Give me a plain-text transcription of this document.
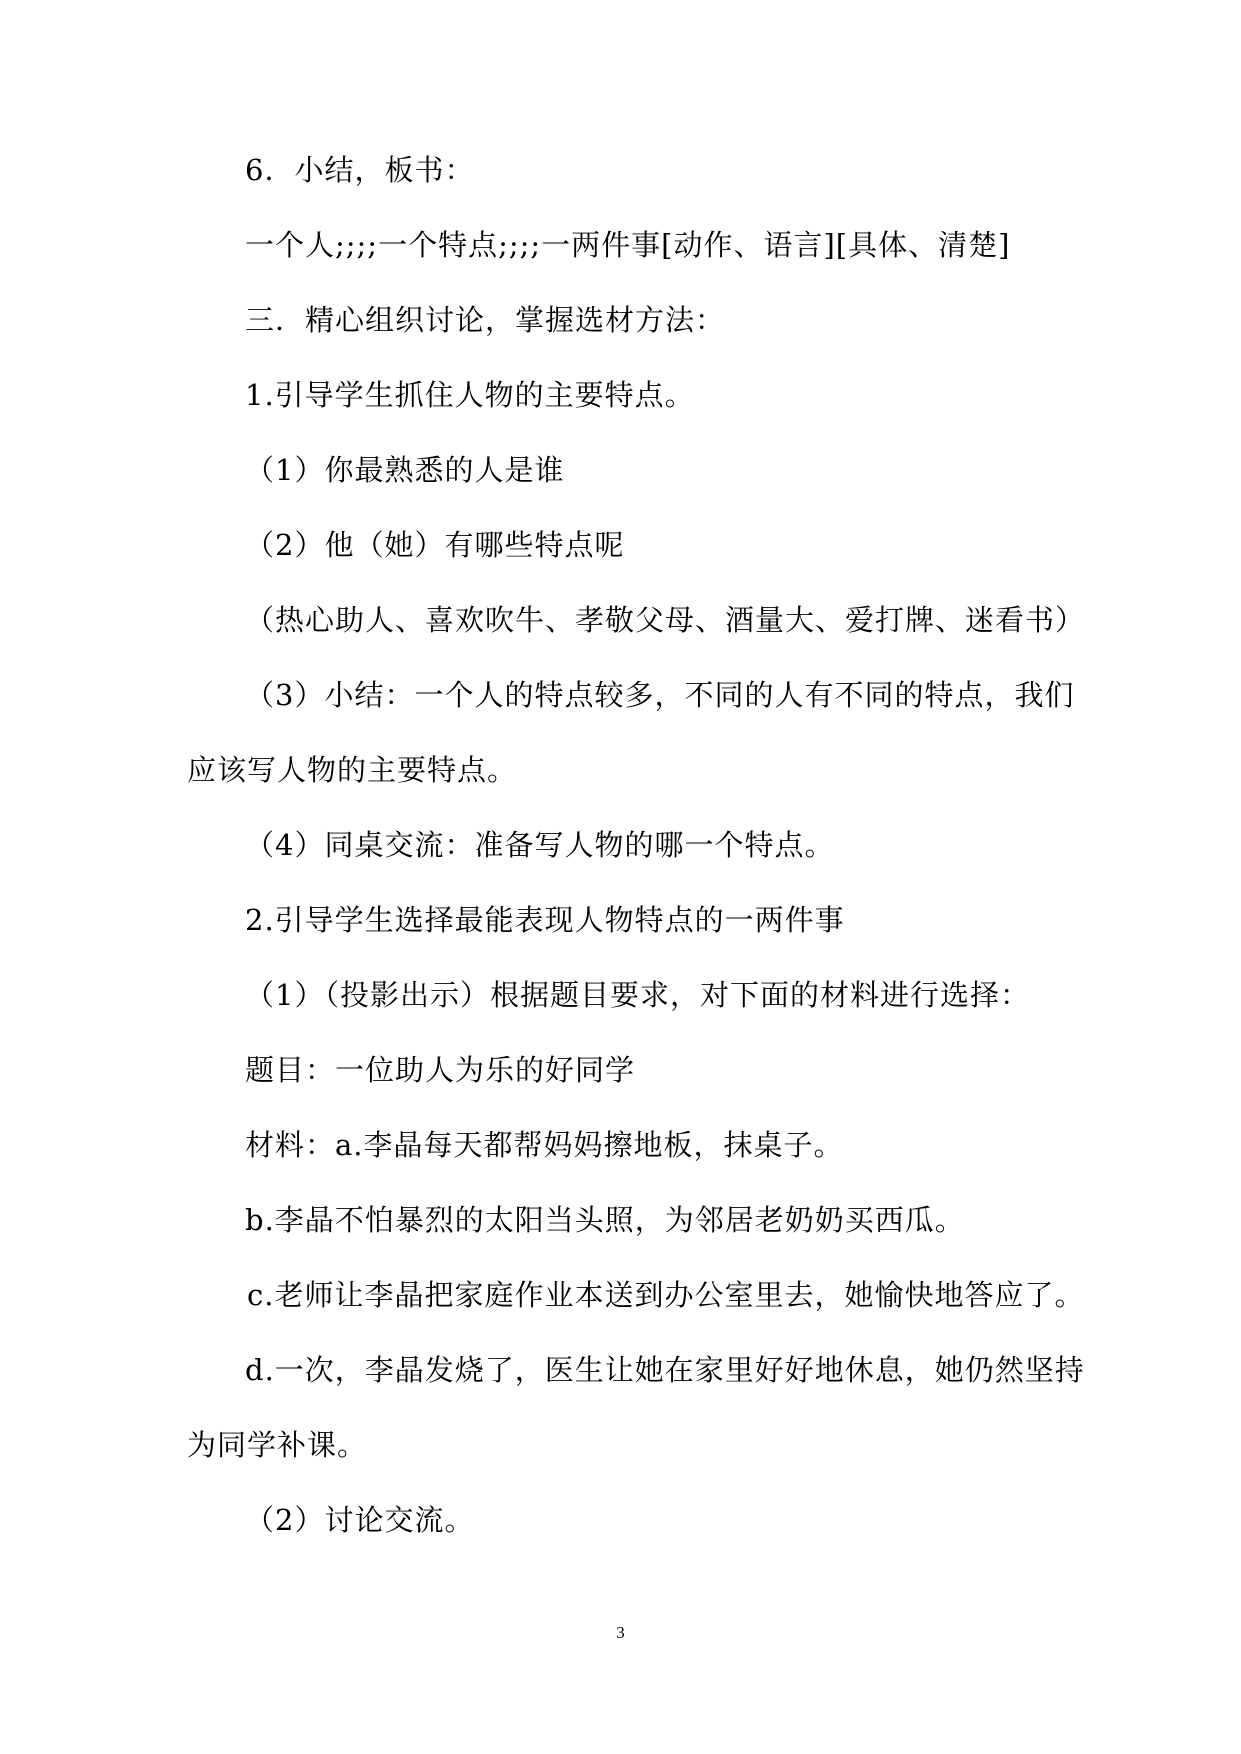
6．小结，板书：
一个人;;;;一个特点;;;;一两件事[动作、语言][具体、清楚]
三．精心组织讨论，掌握选材方法：
1.引导学生抓住人物的主要特点。
（1）你最熟悉的人是谁
（2）他（她）有哪些特点呢
（热心助人、喜欢吹牛、孝敬父母、酒量大、爱打牌、迷看书）
（3）小结：一个人的特点较多，不同的人有不同的特点，我们
应该写人物的主要特点。
（4）同桌交流：准备写人物的哪一个特点。
2.引导学生选择最能表现人物特点的一两件事
（1）（投影出示）根据题目要求，对下面的材料进行选择：
题目：一位助人为乐的好同学
材料：a.李晶每天都帮妈妈擦地板，抹桌子。
b.李晶不怕暴烈的太阳当头照，为邻居老奶奶买西瓜。
c.老师让李晶把家庭作业本送到办公室里去，她愉快地答应了。
d.一次，李晶发烧了，医生让她在家里好好地休息，她仍然坚持
为同学补课。
（2）讨论交流。
3
